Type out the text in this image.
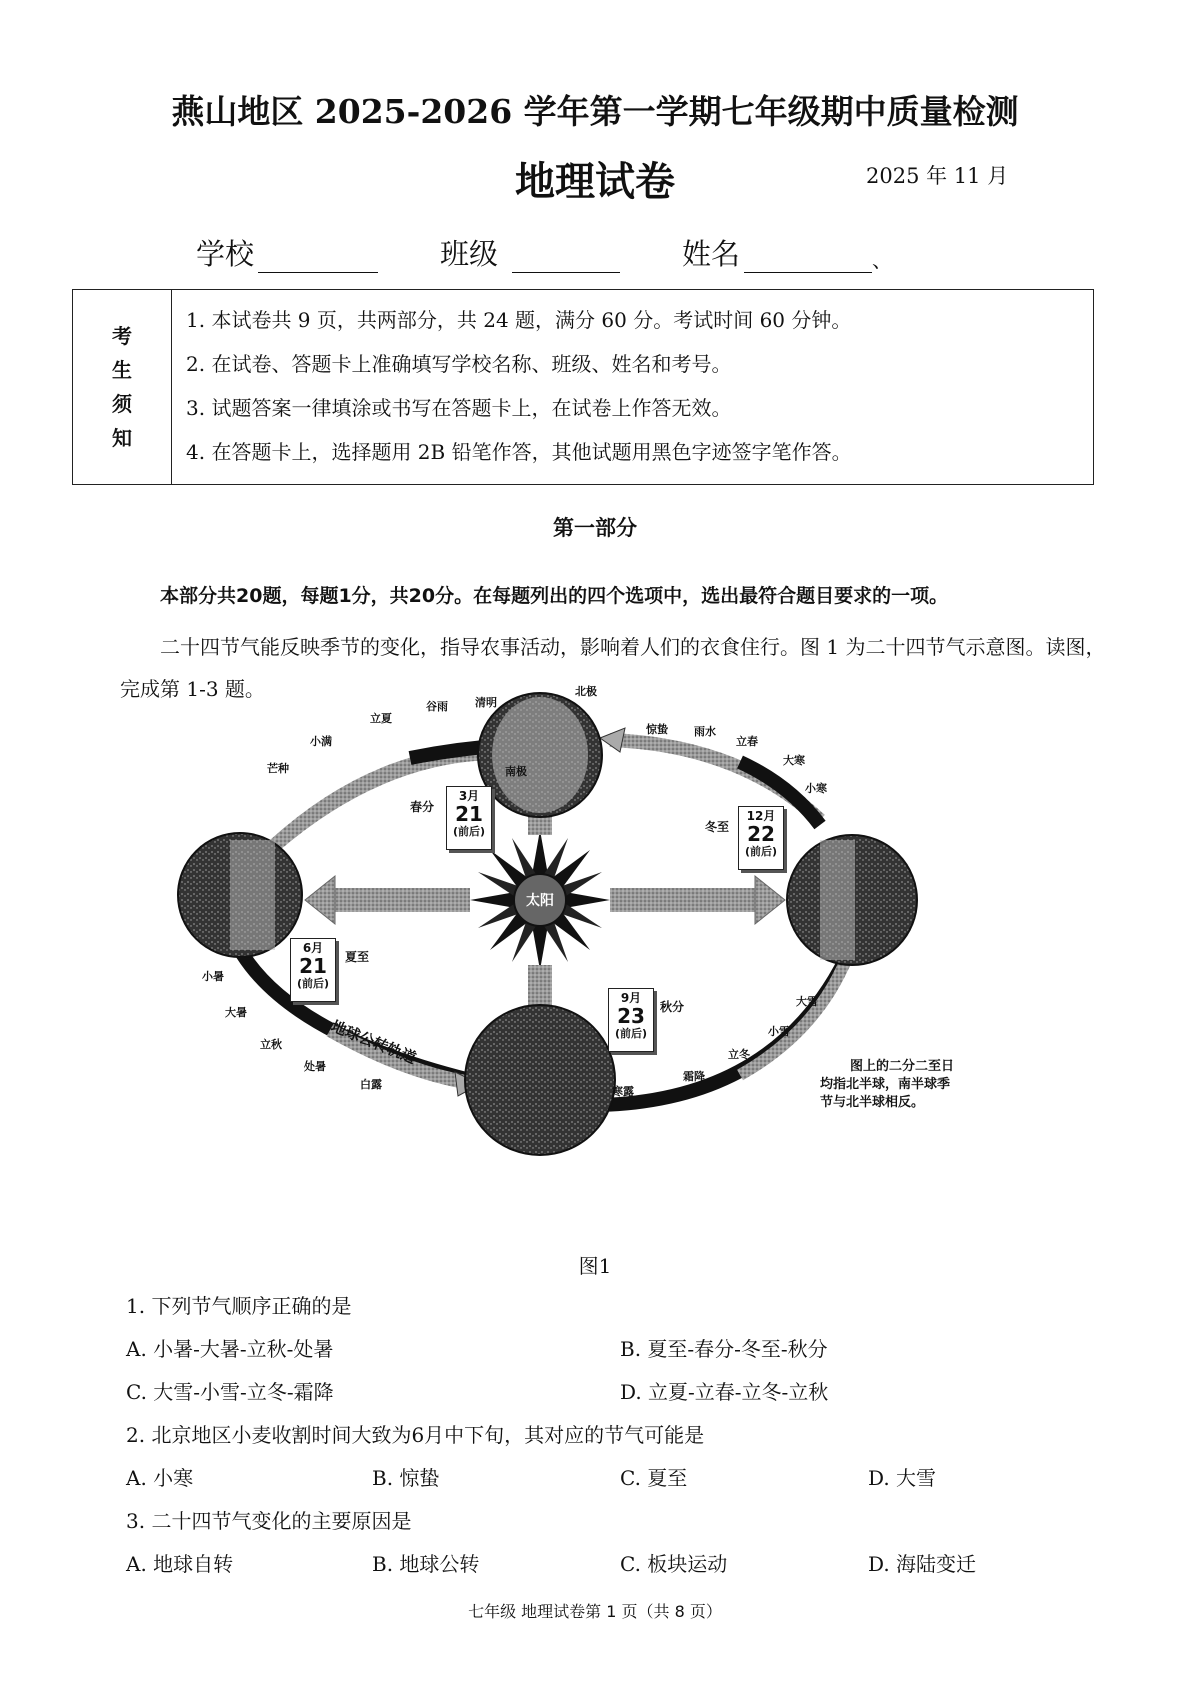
燕山地区 2025-2026 学年第一学期七年级期中质量检测
地理试卷	2025 年 11 月
学校	班级	姓名	、
考
生
须
知
1. 本试卷共 9 页，共两部分，共 24 题，满分 60 分。考试时间 60 分钟。
2. 在试卷、答题卡上准确填写学校名称、班级、姓名和考号。
3. 试题答案一律填涂或书写在答题卡上，在试卷上作答无效。
4. 在答题卡上，选择题用 2B 铅笔作答，其他试题用黑色字迹签字笔作答。
第一部分
本部分共20题，每题1分，共20分。在每题列出的四个选项中，选出最符合题目要求的一项。
二十四节气能反映季节的变化，指导农事活动，影响着人们的衣食住行。图 1 为二十四节气示意图。读图，完成第 1-3 题。	北极
南极
太阳
地球公转轨道
芒种
小满
立夏
谷雨 清明
惊蛰 雨水
立春
大寒
小寒
小暑
大暑
立秋
处暑
白露
寒露
霜降
立冬
小雪
大雪
春分
3月
21
(前后)
夏至
6月
21
(前后)
秋分
9月
23
(前后)
冬至
12月
22
(前后)
图上的二分二至日
均指北半球，南半球季
节与北半球相反。
图1
1. 下列节气顺序正确的是
A. 小暑-大暑-立秋-处暑	B. 夏至-春分-冬至-秋分
C. 大雪-小雪-立冬-霜降	D. 立夏-立春-立冬-立秋
2. 北京地区小麦收割时间大致为6月中下旬，其对应的节气可能是
A. 小寒	B. 惊蛰	C. 夏至	D. 大雪
3. 二十四节气变化的主要原因是
A. 地球自转	B. 地球公转	C. 板块运动	D. 海陆变迁
七年级 地理试卷第 1 页（共 8 页）
